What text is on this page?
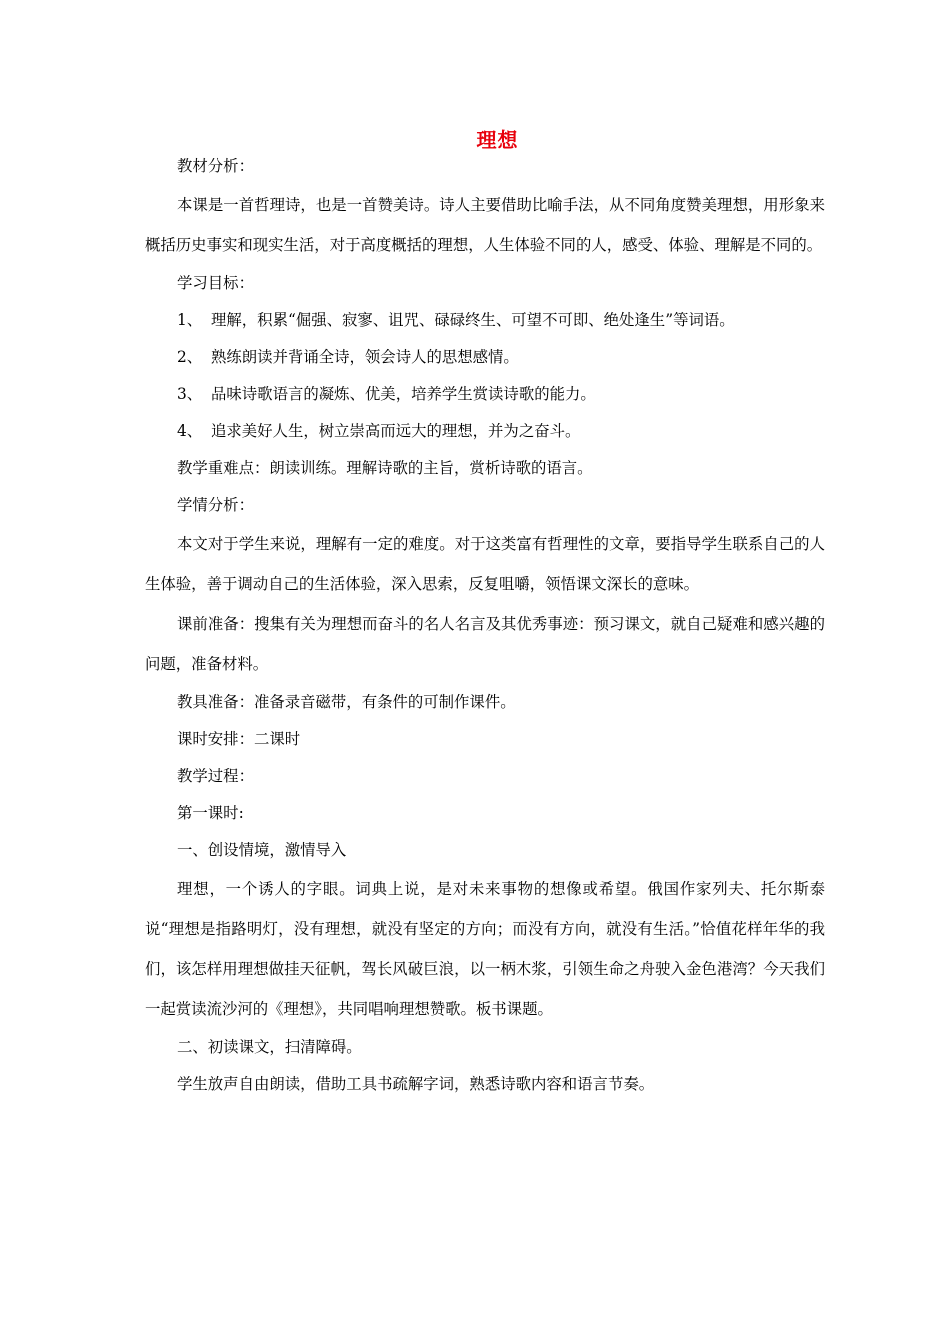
理想

教材分析：

本课是一首哲理诗，也是一首赞美诗。诗人主要借助比喻手法，从不同角度赞美理想，用形象来概括历史事实和现实生活，对于高度概括的理想，人生体验不同的人，感受、体验、理解是不同的。

学习目标：

1、 理解，积累“倔强、寂寥、诅咒、碌碌终生、可望不可即、绝处逢生”等词语。

2、 熟练朗读并背诵全诗，领会诗人的思想感情。

3、 品味诗歌语言的凝炼、优美，培养学生赏读诗歌的能力。

4、 追求美好人生，树立崇高而远大的理想，并为之奋斗。

教学重难点：朗读训练。理解诗歌的主旨，赏析诗歌的语言。

学情分析：

本文对于学生来说，理解有一定的难度。对于这类富有哲理性的文章，要指导学生联系自己的人生体验，善于调动自己的生活体验，深入思索，反复咀嚼，领悟课文深长的意味。

课前准备：搜集有关为理想而奋斗的名人名言及其优秀事迹：预习课文，就自己疑难和感兴趣的问题，准备材料。

教具准备：准备录音磁带，有条件的可制作课件。

课时安排：二课时

教学过程：

第一课时:

一、创设情境，激情导入

理想，一个诱人的字眼。词典上说，是对未来事物的想像或希望。俄国作家列夫、托尔斯泰说“理想是指路明灯，没有理想，就没有坚定的方向；而没有方向，就没有生活。”恰值花样年华的我们，该怎样用理想做挂天征帆，驾长风破巨浪，以一柄木浆，引领生命之舟驶入金色港湾？今天我们一起赏读流沙河的《理想》，共同唱响理想赞歌。板书课题。

二、初读课文，扫清障碍。

学生放声自由朗读，借助工具书疏解字词，熟悉诗歌内容和语言节奏。
